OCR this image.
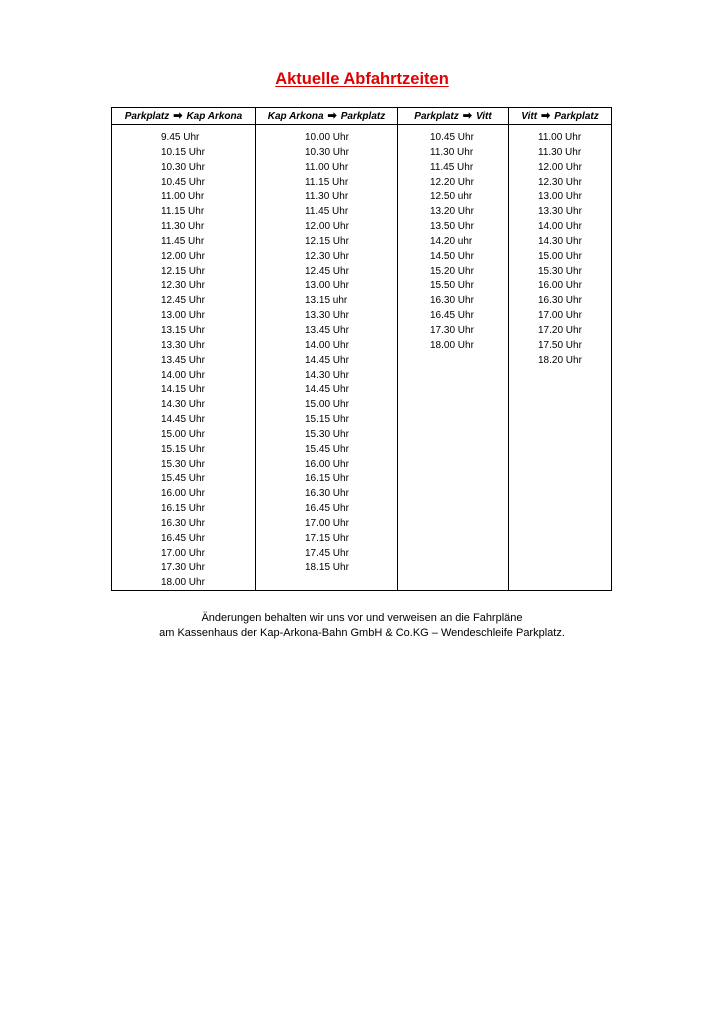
Aktuelle Abfahrtzeiten
Parkplatz ➡ Kap Arkona
9.45 Uhr
10.15 Uhr
10.30 Uhr
10.45 Uhr
11.00 Uhr
11.15 Uhr
11.30 Uhr
11.45 Uhr
12.00 Uhr
12.15 Uhr
12.30 Uhr
12.45 Uhr
13.00 Uhr
13.15 Uhr
13.30 Uhr
13.45 Uhr
14.00 Uhr
14.15 Uhr
14.30 Uhr
14.45 Uhr
15.00 Uhr
15.15 Uhr
15.30 Uhr
15.45 Uhr
16.00 Uhr
16.15 Uhr
16.30 Uhr
16.45 Uhr
17.00 Uhr
17.30 Uhr
18.00 Uhr
Kap Arkona ➡ Parkplatz
10.00 Uhr
10.30 Uhr
11.00 Uhr
11.15 Uhr
11.30 Uhr
11.45 Uhr
12.00 Uhr
12.15 Uhr
12.30 Uhr
12.45 Uhr
13.00 Uhr
13.15 uhr
13.30 Uhr
13.45 Uhr
14.00 Uhr
14.45 Uhr
14.30 Uhr
14.45 Uhr
15.00 Uhr
15.15 Uhr
15.30 Uhr
15.45 Uhr
16.00 Uhr
16.15 Uhr
16.30 Uhr
16.45 Uhr
17.00 Uhr
17.15 Uhr
17.45 Uhr
18.15 Uhr
Parkplatz ➡ Vitt
10.45 Uhr
11.30 Uhr
11.45 Uhr
12.20 Uhr
12.50 uhr
13.20 Uhr
13.50 Uhr
14.20 uhr
14.50 Uhr
15.20 Uhr
15.50 Uhr
16.30 Uhr
16.45 Uhr
17.30 Uhr
18.00 Uhr
Vitt ➡ Parkplatz
11.00 Uhr
11.30 Uhr
12.00 Uhr
12.30 Uhr
13.00 Uhr
13.30 Uhr
14.00 Uhr
14.30 Uhr
15.00 Uhr
15.30 Uhr
16.00 Uhr
16.30 Uhr
17.00 Uhr
17.20 Uhr
17.50 Uhr
18.20 Uhr
Änderungen behalten wir uns vor und verweisen an die Fahrpläne
am Kassenhaus der Kap-Arkona-Bahn GmbH & Co.KG – Wendeschleife Parkplatz.
